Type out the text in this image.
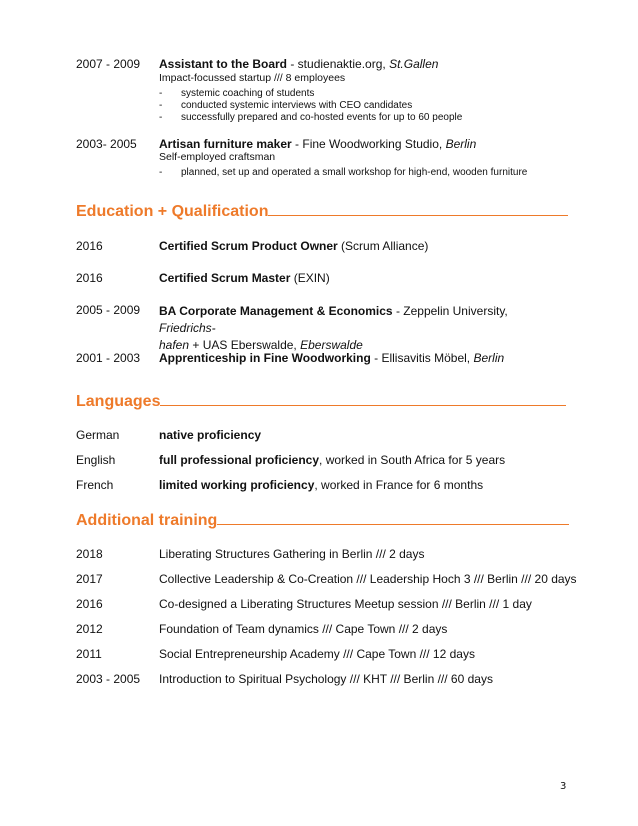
2007 - 2009 Assistant to the Board - studienaktie.org, St.Gallen
Impact-focussed startup /// 8 employees
- systemic coaching of students
- conducted systemic interviews with CEO candidates
- successfully prepared and co-hosted events for up to 60 people
2003- 2005 Artisan furniture maker - Fine Woodworking Studio, Berlin
Self-employed craftsman
- planned, set up and operated a small workshop for high-end, wooden furniture
Education + Qualification
2016	Certified Scrum Product Owner (Scrum Alliance)
2016	Certified Scrum Master (EXIN)
2005 - 2009 BA Corporate Management & Economics - Zeppelin University, Friedrichs-
hafen + UAS Eberswalde, Eberswalde
2001 - 2003 Apprenticeship in Fine Woodworking - Ellisavitis Möbel, Berlin
Languages
German	native proficiency
English	full professional proficiency, worked in South Africa for 5 years
French	limited working proficiency, worked in France for 6 months
Additional training
2018	Liberating Structures Gathering in Berlin /// 2 days
2017	Collective Leadership & Co-Creation /// Leadership Hoch 3 /// Berlin /// 20 days
2016	Co-designed a Liberating Structures Meetup session /// Berlin /// 1 day
2012	Foundation of Team dynamics /// Cape Town /// 2 days
2011	Social Entrepreneurship Academy /// Cape Town /// 12 days
2003 - 2005 Introduction to Spiritual Psychology /// KHT /// Berlin /// 60 days
3
